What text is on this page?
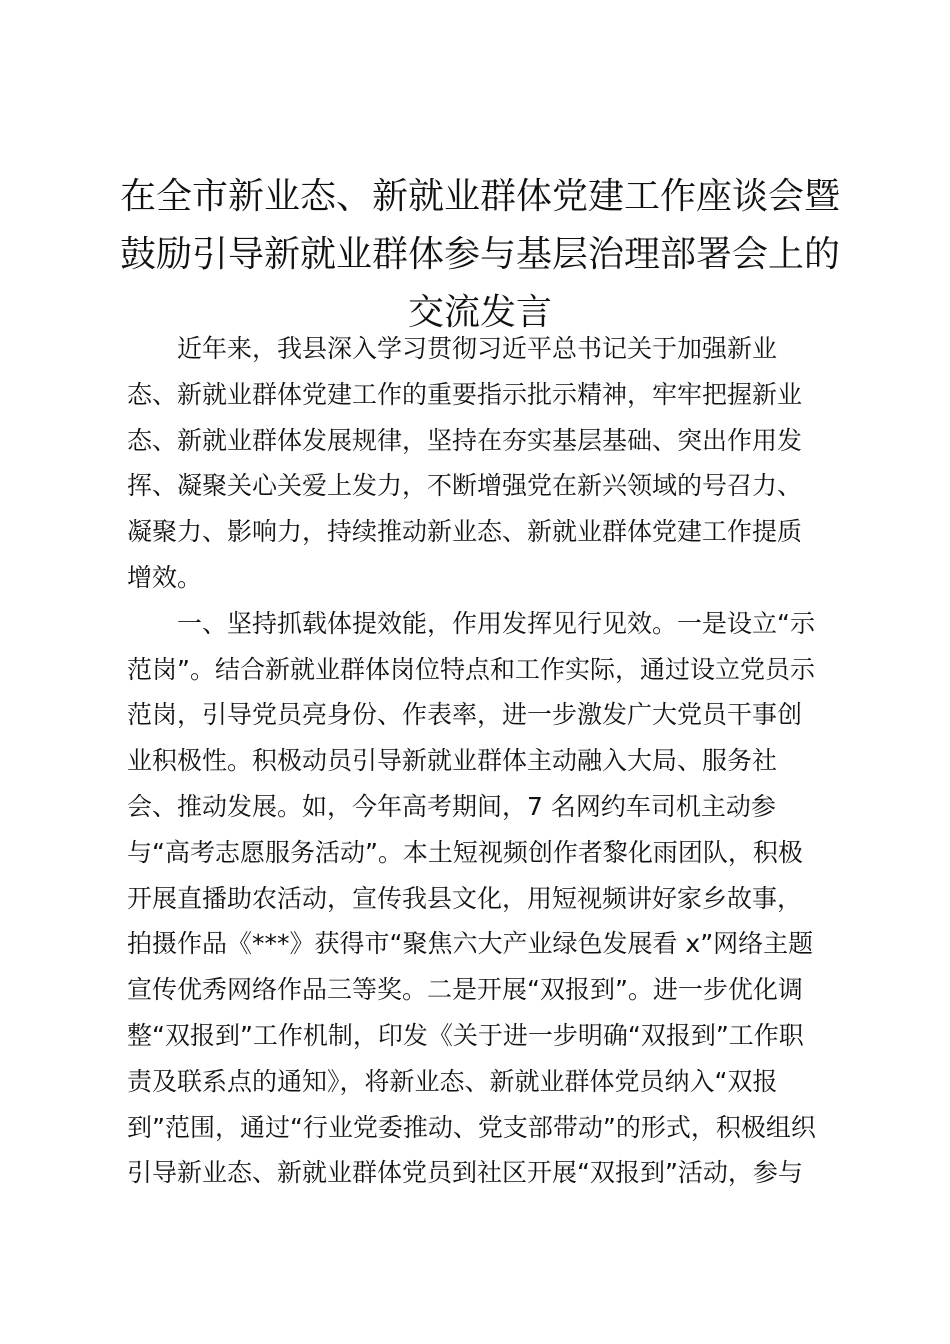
在全市新业态、新就业群体党建工作座谈会暨
鼓励引导新就业群体参与基层治理部署会上的
交流发言
近年来，我县深入学习贯彻习近平总书记关于加强新业
态、新就业群体党建工作的重要指示批示精神，牢牢把握新业
态、新就业群体发展规律，坚持在夯实基层基础、突出作用发
挥、凝聚关心关爱上发力，不断增强党在新兴领域的号召力、
凝聚力、影响力，持续推动新业态、新就业群体党建工作提质
增效。
一、坚持抓载体提效能，作用发挥见行见效。一是设立“示
范岗”。结合新就业群体岗位特点和工作实际，通过设立党员示
范岗，引导党员亮身份、作表率，进一步激发广大党员干事创
业积极性。积极动员引导新就业群体主动融入大局、服务社
会、推动发展。如，今年高考期间，7 名网约车司机主动参
与“高考志愿服务活动”。本土短视频创作者黎化雨团队，积极
开展直播助农活动，宣传我县文化，用短视频讲好家乡故事，
拍摄作品《***》获得市“聚焦六大产业绿色发展看 x”网络主题
宣传优秀网络作品三等奖。二是开展“双报到”。进一步优化调
整“双报到”工作机制，印发《关于进一步明确“双报到”工作职
责及联系点的通知》，将新业态、新就业群体党员纳入“双报
到”范围，通过“行业党委推动、党支部带动”的形式，积极组织
引导新业态、新就业群体党员到社区开展“双报到”活动，参与
